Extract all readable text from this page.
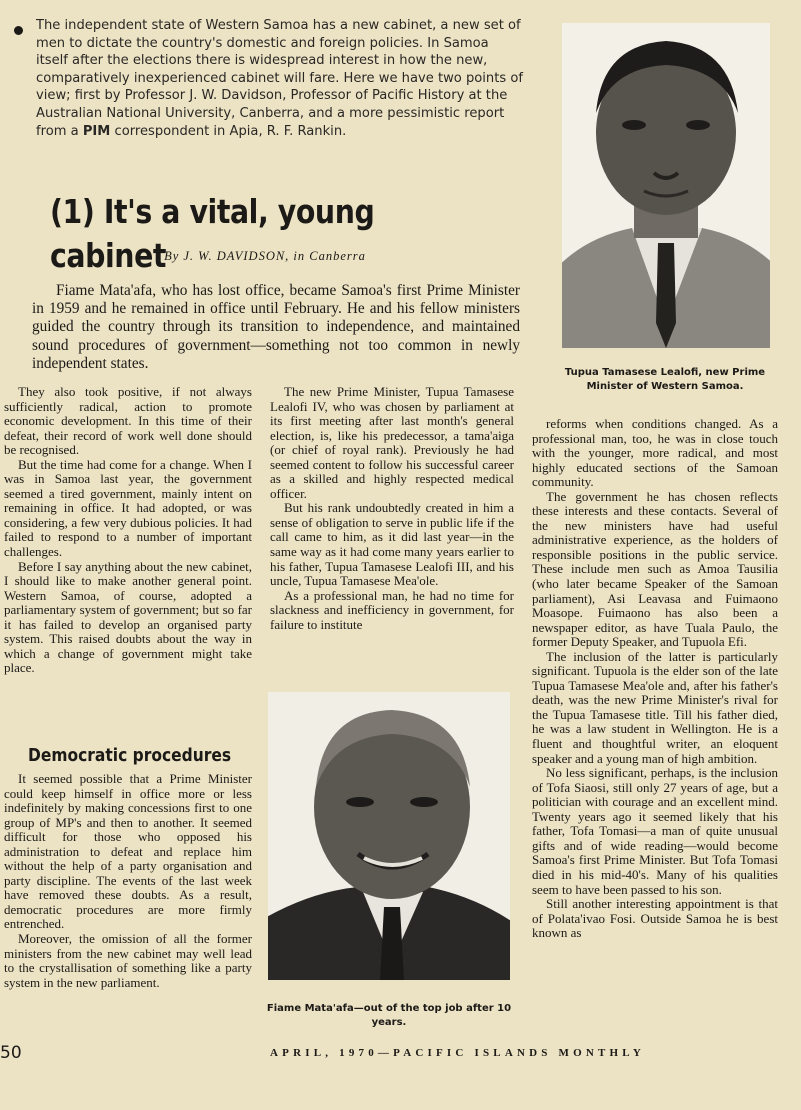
The independent state of Western Samoa has a new cabinet, a new set of men to dictate the country's domestic and foreign policies. In Samoa itself after the elections there is widespread interest in how the new, comparatively inexperienced cabinet will fare. Here we have two points of view; first by Professor J. W. Davidson, Professor of Pacific History at the Australian National University, Canberra, and a more pessimistic report from a PIM correspondent in Apia, R. F. Rankin.

Tupua Tamasese Lealofi, new Prime Minister of Western Samoa.

(1) It's a vital, young cabinet

By J. W. DAVIDSON, in Canberra

Fiame Mata'afa, who has lost office, became Samoa's first Prime Minister in 1959 and he remained in office until February. He and his fellow ministers guided the country through its transition to independence, and maintained sound procedures of government—something not too common in newly independent states.

They also took positive, if not always sufficiently radical, action to promote economic development. In this time of their defeat, their record of work well done should be recognised.

But the time had come for a change. When I was in Samoa last year, the government seemed a tired government, mainly intent on remaining in office. It had adopted, or was considering, a few very dubious policies. It had failed to respond to a number of important challenges.

Before I say anything about the new cabinet, I should like to make another general point. Western Samoa, of course, adopted a parliamentary system of government; but so far it has failed to develop an organised party system. This raised doubts about the way in which a change of government might take place.

Democratic procedures

It seemed possible that a Prime Minister could keep himself in office more or less indefinitely by making concessions first to one group of MP's and then to another. It seemed difficult for those who opposed his administration to defeat and replace him without the help of a party organisation and party discipline. The events of the last week have removed these doubts. As a result, democratic procedures are more firmly entrenched.

Moreover, the omission of all the former ministers from the new cabinet may well lead to the crystallisation of something like a party system in the new parliament.

The new Prime Minister, Tupua Tamasese Lealofi IV, who was chosen by parliament at its first meeting after last month's general election, is, like his predecessor, a tama'aiga (or chief of royal rank). Previously he had seemed content to follow his successful career as a skilled and highly respected medical officer.

But his rank undoubtedly created in him a sense of obligation to serve in public life if the call came to him, as it did last year—in the same way as it had come many years earlier to his father, Tupua Tamasese Lealofi III, and his uncle, Tupua Tamasese Mea'ole.

As a professional man, he had no time for slackness and inefficiency in government, for failure to institute

Fiame Mata'afa—out of the top job after 10 years.

reforms when conditions changed. As a professional man, too, he was in close touch with the younger, more radical, and most highly educated sections of the Samoan community.

The government he has chosen reflects these interests and these contacts. Several of the new ministers have had useful administrative experience, as the holders of responsible positions in the public service. These include men such as Amoa Tausilia (who later became Speaker of the Samoan parliament), Asi Leavasa and Fuimaono Moasope. Fuimaono has also been a newspaper editor, as have Tuala Paulo, the former Deputy Speaker, and Tupuola Efi.

The inclusion of the latter is particularly significant. Tupuola is the elder son of the late Tupua Tamasese Mea'ole and, after his father's death, was the new Prime Minister's rival for the Tupua Tamasese title. Till his father died, he was a law student in Wellington. He is a fluent and thoughtful writer, an eloquent speaker and a young man of high ambition.

No less significant, perhaps, is the inclusion of Tofa Siaosi, still only 27 years of age, but a politician with courage and an excellent mind. Twenty years ago it seemed likely that his father, Tofa Tomasi—a man of quite unusual gifts and of wide reading—would become Samoa's first Prime Minister. But Tofa Tomasi died in his mid-40's. Many of his qualities seem to have been passed to his son.

Still another interesting appointment is that of Polata'ivao Fosi. Outside Samoa he is best known as

50	APRIL, 1970—PACIFIC ISLANDS MONTHLY
